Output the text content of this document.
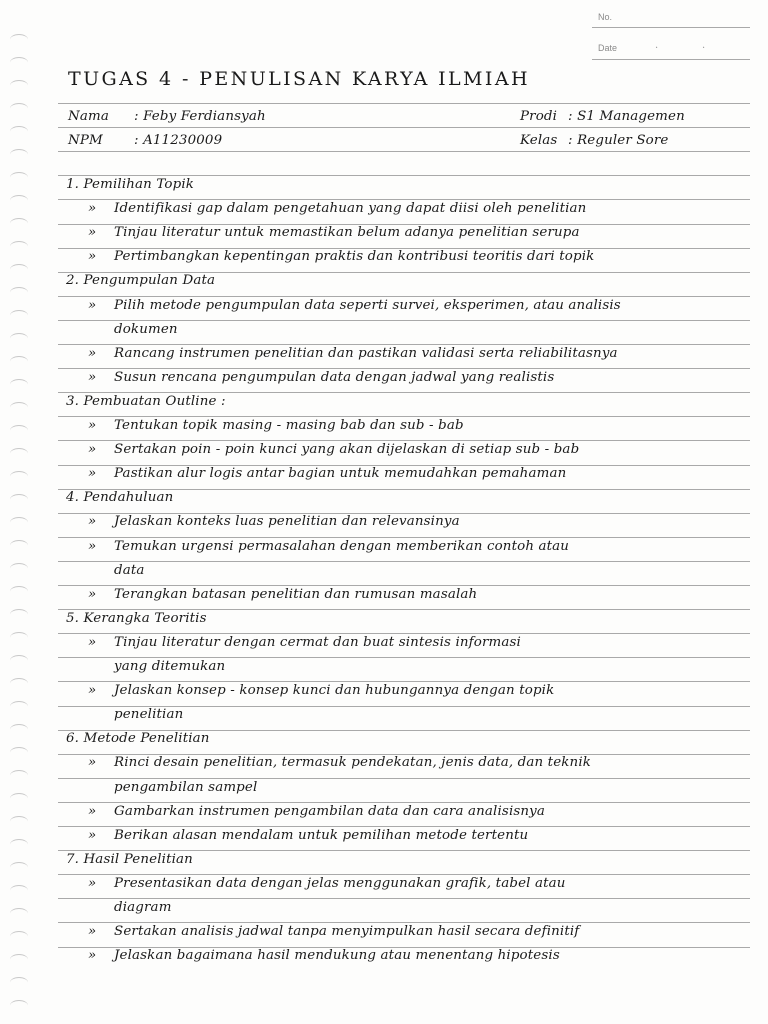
No.
Date	·	·
TUGAS 4 - PENULISAN KARYA ILMIAH
Nama : Feby Ferdiansyah
NPM : A11230009
Prodi : S1 Managemen
Kelas : Reguler Sore
1. Pemilihan Topik
» Identifikasi gap dalam pengetahuan yang dapat diisi oleh penelitian
» Tinjau literatur untuk memastikan belum adanya penelitian serupa
» Pertimbangkan kepentingan praktis dan kontribusi teoritis dari topik
2. Pengumpulan Data
» Pilih metode pengumpulan data seperti survei, eksperimen, atau analisis
dokumen
» Rancang instrumen penelitian dan pastikan validasi serta reliabilitasnya
» Susun rencana pengumpulan data dengan jadwal yang realistis
3. Pembuatan Outline :
» Tentukan topik masing - masing bab dan sub - bab
» Sertakan poin - poin kunci yang akan dijelaskan di setiap sub - bab
» Pastikan alur logis antar bagian untuk memudahkan pemahaman
4. Pendahuluan
» Jelaskan konteks luas penelitian dan relevansinya
» Temukan urgensi permasalahan dengan memberikan contoh atau
data
» Terangkan batasan penelitian dan rumusan masalah
5. Kerangka Teoritis
» Tinjau literatur dengan cermat dan buat sintesis informasi
yang ditemukan
» Jelaskan konsep - konsep kunci dan hubungannya dengan topik
penelitian
6. Metode Penelitian
» Rinci desain penelitian, termasuk pendekatan, jenis data, dan teknik
pengambilan sampel
» Gambarkan instrumen pengambilan data dan cara analisisnya
» Berikan alasan mendalam untuk pemilihan metode tertentu
7. Hasil Penelitian
» Presentasikan data dengan jelas menggunakan grafik, tabel atau
diagram
» Sertakan analisis jadwal tanpa menyimpulkan hasil secara definitif
» Jelaskan bagaimana hasil mendukung atau menentang hipotesis
